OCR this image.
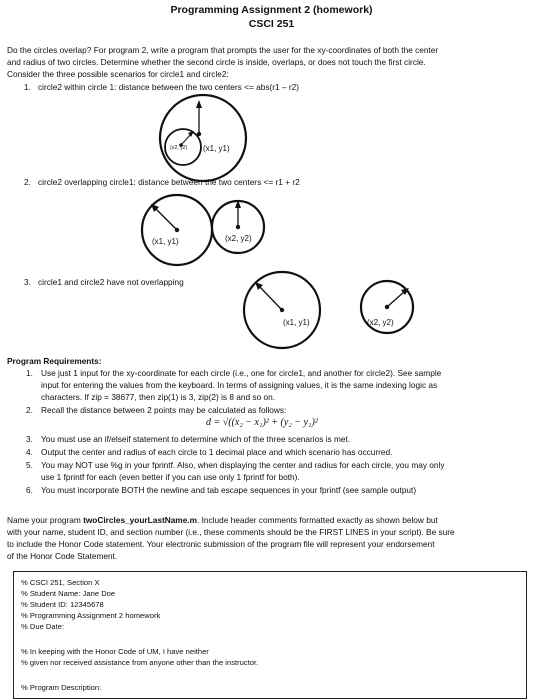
Programming Assignment 2 (homework)
CSCI 251
Do the circles overlap? For program 2, write a program that prompts the user for the xy-coordinates of both the center
and radius of two circles. Determine whether the second circle is inside, overlaps, or does not touch the first circle.
Consider the three possible scenarios for circle1 and circle2:
1. circle2 within circle 1: distance between the two centers <= abs(r1 – r2)
(x1, y1)
(x2, y2)
2. circle2 overlapping circle1: distance between the two centers <= r1 + r2
(x1, y1)	(x2, y2)
3. circle1 and circle2 have not overlapping
(x1, y1)	(x2, y2)
Program Requirements:
1. Use just 1 input for the xy-coordinate for each circle (i.e., one for circle1, and another for circle2). See sample
input for entering the values from the keyboard. In terms of assigning values, it is the same indexing logic as
characters. If zip = 38677, then zip(1) is 3, zip(2) is 8 and so on.
2. Recall the distance between 2 points may be calculated as follows:
d = √((x₂ − x₁)² + (y₂ − y₁)²
3. You must use an if/elseif statement to determine which of the three scenarios is met.
4. Output the center and radius of each circle to 1 decimal place and which scenario has occurred.
5. You may NOT use %g in your fprintf. Also, when displaying the center and radius for each circle, you may only
use 1 fprintf for each (even better if you can use only 1 fprintf for both).
6. You must incorporate BOTH the newline and tab escape sequences in your fprintf (see sample output)
Name your program twoCircles_yourLastName.m. Include header comments formatted exactly as shown below but
with your name, student ID, and section number (i.e., these comments should be the FIRST LINES in your script). Be sure
to include the Honor Code statement. Your electronic submission of the program file will represent your endorsement
of the Honor Code Statement.
% CSCI 251, Section X
% Student Name: Jane Doe
% Student ID: 12345678
% Programming Assignment 2 homework
% Due Date:
% In keeping with the Honor Code of UM, I have neither
% given nor received assistance from anyone other than the instructor.
% Program Description:
